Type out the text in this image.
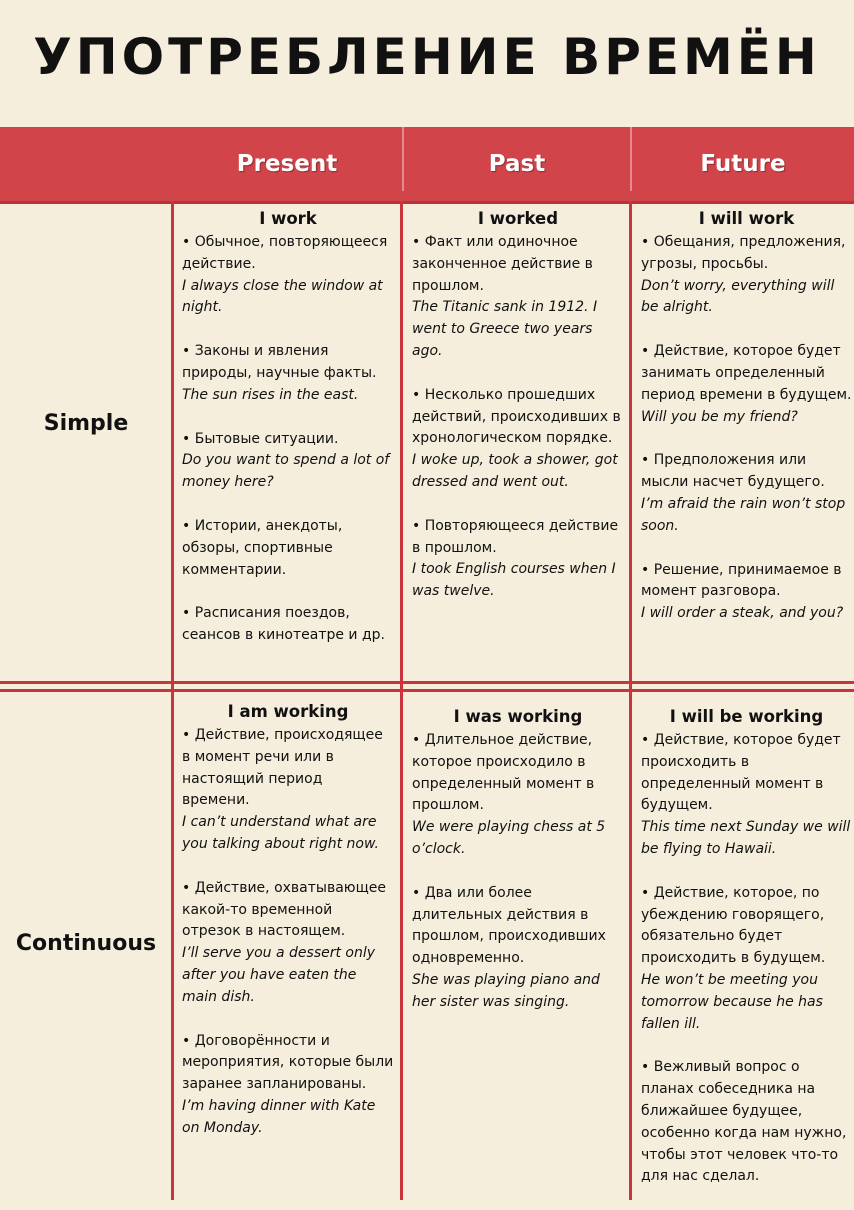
УПОТРЕБЛЕНИЕ ВРЕМЁН
Present	Past	Future
Simple
Continuous
I work
• Обычное, повторяющееся действие.
I always close the window at night.
• Законы и явления природы, научные факты.
The sun rises in the east.
• Бытовые ситуации.
Do you want to spend a lot of money here?
• Истории, анекдоты, обзоры, спортивные комментарии.
• Расписания поездов, сеансов в кинотеатре и др.
I worked
• Факт или одиночное законченное действие в прошлом.
The Titanic sank in 1912. I went to Greece two years ago.
• Несколько прошедших действий, происходивших в хронологическом порядке.
I woke up, took a shower, got dressed and went out.
• Повторяющееся действие в прошлом.
I took English courses when I was twelve.
I will work
• Обещания, предложения, угрозы, просьбы.
Don’t worry, everything will be alright.
• Действие, которое будет занимать определенный период времени в будущем.
Will you be my friend?
• Предположения или мысли насчет будущего.
I’m afraid the rain won’t stop soon.
• Решение, принимаемое в момент разговора.
I will order a steak, and you?
I am working
• Действие, происходящее в момент речи или в настоящий период времени.
I can’t understand what are you talking about right now.
• Действие, охватывающее какой-то временной отрезок в настоящем.
I’ll serve you a dessert only after you have eaten the main dish.
• Договорённости и мероприятия, которые были заранее запланированы.
I’m having dinner with Kate on Monday.
I was working
• Длительное действие, которое происходило в определенный момент в прошлом.
We were playing chess at 5 o’clock.
• Два или более длительных действия в прошлом, происходивших одновременно.
She was playing piano and her sister was singing.
I will be working
• Действие, которое будет происходить в определенный момент в будущем.
This time next Sunday we will be flying to Hawaii.
• Действие, которое, по убеждению говорящего, обязательно будет происходить в будущем.
He won’t be meeting you tomorrow because he has fallen ill.
• Вежливый вопрос о планах собеседника на ближайшее будущее, особенно когда нам нужно, чтобы этот человек что-то для нас сделал.
